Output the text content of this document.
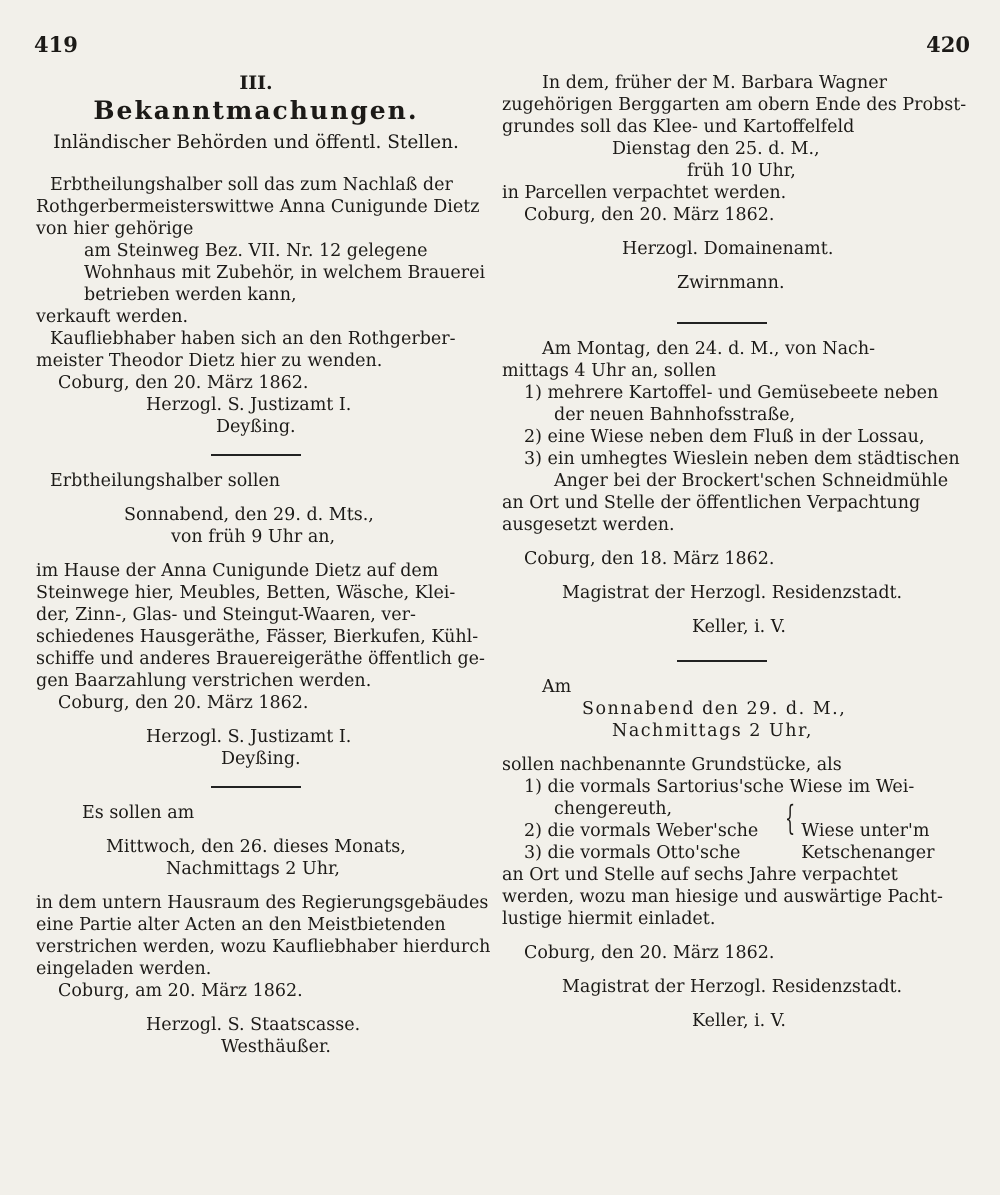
419	420
III.
Bekanntmachungen.
Inländischer Behörden und öffentl. Stellen.
Erbtheilungshalber soll das zum Nachlaß der
Rothgerbermeisterswittwe Anna Cunigunde Dietz
von hier gehörige
am Steinweg Bez. VII. Nr. 12 gelegene
Wohnhaus mit Zubehör, in welchem Brauerei
betrieben werden kann,
verkauft werden.
Kaufliebhaber haben sich an den Rothgerber-
meister Theodor Dietz hier zu wenden.
Coburg, den 20. März 1862.
Herzogl. S. Justizamt I.
Deyßing.
Erbtheilungshalber sollen
Sonnabend, den 29. d. Mts.,
von früh 9 Uhr an,
im Hause der Anna Cunigunde Dietz auf dem
Steinwege hier, Meubles, Betten, Wäsche, Klei-
der, Zinn-, Glas- und Steingut-Waaren, ver-
schiedenes Hausgeräthe, Fässer, Bierkufen, Kühl-
schiffe und anderes Brauereigeräthe öffentlich ge-
gen Baarzahlung verstrichen werden.
Coburg, den 20. März 1862.
Herzogl. S. Justizamt I.
Deyßing.
Es sollen am
Mittwoch, den 26. dieses Monats,
Nachmittags 2 Uhr,
in dem untern Hausraum des Regierungsgebäudes
eine Partie alter Acten an den Meistbietenden
verstrichen werden, wozu Kaufliebhaber hierdurch
eingeladen werden.
Coburg, am 20. März 1862.
Herzogl. S. Staatscasse.
Westhäußer.
In dem, früher der M. Barbara Wagner
zugehörigen Berggarten am obern Ende des Probst-
grundes soll das Klee- und Kartoffelfeld
Dienstag den 25. d. M.,
früh 10 Uhr,
in Parcellen verpachtet werden.
Coburg, den 20. März 1862.
Herzogl. Domainenamt.
Zwirnmann.
Am Montag, den 24. d. M., von Nach-
mittags 4 Uhr an, sollen
1) mehrere Kartoffel- und Gemüsebeete neben
der neuen Bahnhofsstraße,
2) eine Wiese neben dem Fluß in der Lossau,
3) ein umhegtes Wieslein neben dem städtischen
Anger bei der Brockert'schen Schneidmühle
an Ort und Stelle der öffentlichen Verpachtung
ausgesetzt werden.
Coburg, den 18. März 1862.
Magistrat der Herzogl. Residenzstadt.
Keller, i. V.
Am
Sonnabend den 29. d. M.,
Nachmittags 2 Uhr,
sollen nachbenannte Grundstücke, als
1) die vormals Sartorius'sche Wiese im Wei-
chengereuth,
2) die vormals Weber'sche
3) die vormals Otto'sche
{ Wiese unter'm
Ketschenanger
an Ort und Stelle auf sechs Jahre verpachtet
werden, wozu man hiesige und auswärtige Pacht-
lustige hiermit einladet.
Coburg, den 20. März 1862.
Magistrat der Herzogl. Residenzstadt.
Keller, i. V.
